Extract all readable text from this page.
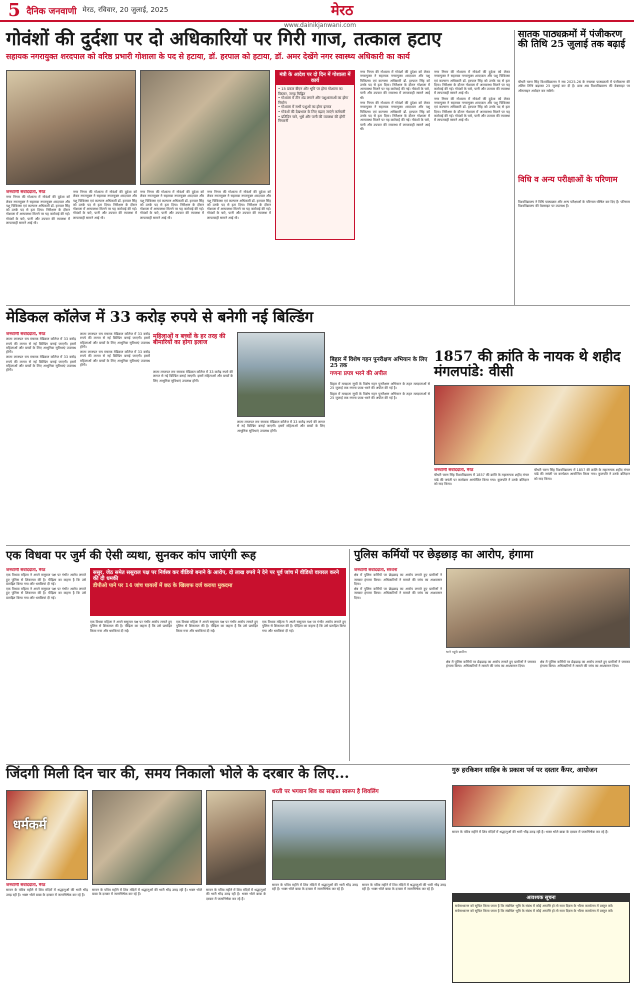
5 दैनिक जनवाणी मेरठ, रविवार, 20 जुलाई, 2025	मेरठ
www.dainikjanwani.com
गोवंशों की दुर्दशा पर दो अधिकारियों पर गिरी गाज, तत्काल हटाए
सहायक नगरायुक्त शरदपाल को वरिष्ठ प्रभारी गोशाला के पद से हटाया, डॉ. हरपाल को हटाया, डॉ. अमर देखेंगे नगर स्वास्थ्य अधिकारी का कार्य
मंत्री के आदेश पर दो दिन में गोशाला में कार्य
• 15 प्रकार बीएन और भूमि पर होगा गोशाला का विस्तार, जगह चिह्नित
• गोशाला में टीन शेड लगाने और पशुशालाओं का होगा निर्माण
• गोशाला में सभी पशुओं का होगा इलाज
• गोवंशों की देखभाल के लिए बढ़ाए जाएंगे कर्मचारी
• प्रतिदिन चारे, भूसे और पानी की व्यवस्था की होगी निगरानी
जनवाणी संवाददाता, मेरठ

नगर निगम की गोशाला में गोवंशों की दुर्दशा को लेकर नगरायुक्त ने सहायक नगरायुक्त शरदपाल और पशु चिकित्सा एवं कल्याण अधिकारी डॉ. हरपाल सिंह को उनके पद से हटा दिया। निरीक्षण के दौरान गोशाला में अव्यवस्था मिलने पर यह कार्रवाई की गई। गोवंशों के चारे, पानी और उपचार की व्यवस्था में लापरवाही सामने आई थी।

नगर निगम की गोशाला में गोवंशों की दुर्दशा को लेकर नगरायुक्त ने सहायक नगरायुक्त शरदपाल और पशु चिकित्सा एवं कल्याण अधिकारी डॉ. हरपाल सिंह को उनके पद से हटा दिया। निरीक्षण के दौरान गोशाला में अव्यवस्था मिलने पर यह कार्रवाई की गई। गोवंशों के चारे, पानी और उपचार की व्यवस्था में लापरवाही सामने आई थी।

नगर निगम की गोशाला में गोवंशों की दुर्दशा को लेकर नगरायुक्त ने सहायक नगरायुक्त शरदपाल और पशु चिकित्सा एवं कल्याण अधिकारी डॉ. हरपाल सिंह को उनके पद से हटा दिया। निरीक्षण के दौरान गोशाला में अव्यवस्था मिलने पर यह कार्रवाई की गई। गोवंशों के चारे, पानी और उपचार की व्यवस्था में लापरवाही सामने आई थी।

नगर निगम की गोशाला में गोवंशों की दुर्दशा को लेकर नगरायुक्त ने सहायक नगरायुक्त शरदपाल और पशु चिकित्सा एवं कल्याण अधिकारी डॉ. हरपाल सिंह को उनके पद से हटा दिया। निरीक्षण के दौरान गोशाला में अव्यवस्था मिलने पर यह कार्रवाई की गई। गोवंशों के चारे, पानी और उपचार की व्यवस्था में लापरवाही सामने आई थी।

नगर निगम की गोशाला में गोवंशों की दुर्दशा को लेकर नगरायुक्त ने सहायक नगरायुक्त शरदपाल और पशु चिकित्सा एवं कल्याण अधिकारी डॉ. हरपाल सिंह को उनके पद से हटा दिया। निरीक्षण के दौरान गोशाला में अव्यवस्था मिलने पर यह कार्रवाई की गई। गोवंशों के चारे, पानी और उपचार की व्यवस्था में लापरवाही सामने आई थी।

नगर निगम की गोशाला में गोवंशों की दुर्दशा को लेकर नगरायुक्त ने सहायक नगरायुक्त शरदपाल और पशु चिकित्सा एवं कल्याण अधिकारी डॉ. हरपाल सिंह को उनके पद से हटा दिया। निरीक्षण के दौरान गोशाला में अव्यवस्था मिलने पर यह कार्रवाई की गई। गोवंशों के चारे, पानी और उपचार की व्यवस्था में लापरवाही सामने आई थी।

नगर निगम की गोशाला में गोवंशों की दुर्दशा को लेकर नगरायुक्त ने सहायक नगरायुक्त शरदपाल और पशु चिकित्सा एवं कल्याण अधिकारी डॉ. हरपाल सिंह को उनके पद से हटा दिया। निरीक्षण के दौरान गोशाला में अव्यवस्था मिलने पर यह कार्रवाई की गई। गोवंशों के चारे, पानी और उपचार की व्यवस्था में लापरवाही सामने आई थी।

नगर निगम की गोशाला में गोवंशों की दुर्दशा को लेकर नगरायुक्त ने सहायक नगरायुक्त शरदपाल और पशु चिकित्सा एवं कल्याण अधिकारी डॉ. हरपाल सिंह को उनके पद से हटा दिया। निरीक्षण के दौरान गोशाला में अव्यवस्था मिलने पर यह कार्रवाई की गई। गोवंशों के चारे, पानी और उपचार की व्यवस्था में लापरवाही सामने आई थी।

सातक पाठ्यक्रमों में पंजीकरण की तिथि 25 जुलाई तक बढ़ाई

चौधरी चरण सिंह विश्वविद्यालय ने सत्र 2025-26 के स्नातक पाठ्यक्रमों में पंजीकरण की अंतिम तिथि बढ़ाकर 25 जुलाई कर दी है। छात्र अब विश्वविद्यालय की वेबसाइट पर ऑनलाइन आवेदन कर सकेंगे।

विधि व अन्य परीक्षाओं के परिणाम

विश्वविद्यालय ने विधि पाठ्यक्रम और अन्य परीक्षाओं के परिणाम घोषित कर दिए हैं। परिणाम विश्वविद्यालय की वेबसाइट पर उपलब्ध हैं।

मेडिकल कॉलेज में 33 करोड़ रुपये से बनेगी नई बिल्डिंग
जनवाणी संवाददाता, मेरठ

लाला लाजपत राय स्मारक मेडिकल कॉलेज में 33 करोड़ रुपये की लागत से नई बिल्डिंग बनाई जाएगी। इसमें महिलाओं और बच्चों के लिए आधुनिक सुविधाएं उपलब्ध होंगी।

लाला लाजपत राय स्मारक मेडिकल कॉलेज में 33 करोड़ रुपये की लागत से नई बिल्डिंग बनाई जाएगी। इसमें महिलाओं और बच्चों के लिए आधुनिक सुविधाएं उपलब्ध होंगी।

लाला लाजपत राय स्मारक मेडिकल कॉलेज में 33 करोड़ रुपये की लागत से नई बिल्डिंग बनाई जाएगी। इसमें महिलाओं और बच्चों के लिए आधुनिक सुविधाएं उपलब्ध होंगी।

लाला लाजपत राय स्मारक मेडिकल कॉलेज में 33 करोड़ रुपये की लागत से नई बिल्डिंग बनाई जाएगी। इसमें महिलाओं और बच्चों के लिए आधुनिक सुविधाएं उपलब्ध होंगी।

महिलाओं व बच्चों के हर तरह की बीमारियों का होगा इलाज

लाला लाजपत राय स्मारक मेडिकल कॉलेज में 33 करोड़ रुपये की लागत से नई बिल्डिंग बनाई जाएगी। इसमें महिलाओं और बच्चों के लिए आधुनिक सुविधाएं उपलब्ध होंगी।

लाला लाजपत राय स्मारक मेडिकल कॉलेज में 33 करोड़ रुपये की लागत से नई बिल्डिंग बनाई जाएगी। इसमें महिलाओं और बच्चों के लिए आधुनिक सुविधाएं उपलब्ध होंगी।

बिहार में विशेष गहन पुनरीक्षण अभियान के लिए 25 तक
गणना प्रपत्र भरने की अपील

बिहार में मतदाता सूची के विशेष गहन पुनरीक्षण अभियान के तहत मतदाताओं से 25 जुलाई तक गणना प्रपत्र भरने की अपील की गई है।

बिहार में मतदाता सूची के विशेष गहन पुनरीक्षण अभियान के तहत मतदाताओं से 25 जुलाई तक गणना प्रपत्र भरने की अपील की गई है।

1857 की क्रांति के नायक थे शहीद मंगलपांडे: वीसी
जनवाणी संवाददाता, मेरठ

चौधरी चरण सिंह विश्वविद्यालय में 1857 की क्रांति के महानायक शहीद मंगल पांडे की जयंती पर कार्यक्रम आयोजित किया गया। कुलपति ने उनके बलिदान को याद किया।

चौधरी चरण सिंह विश्वविद्यालय में 1857 की क्रांति के महानायक शहीद मंगल पांडे की जयंती पर कार्यक्रम आयोजित किया गया। कुलपति ने उनके बलिदान को याद किया।

एक विधवा पर जुर्म की ऐसी व्यथा, सुनकर कांप जाएंगी रूह
ससुर, जेठ समेत ससुराल पक्ष पर निर्वस्त्र कर वीडियो बनाने के आरोप, दो लाख रुपये ने देने पर पूर्व जांच में वीडियो वायरल करने की दी धमकी
डीपीओ पाने पर 14 जांच घायलों में छठ के खिलाफ दर्ज कराया मुकदमा
जनवाणी संवाददाता, मेरठ

एक विधवा महिला ने अपने ससुराल पक्ष पर गंभीर आरोप लगाते हुए पुलिस से शिकायत की है। पीड़िता का कहना है कि उसे प्रताड़ित किया गया और धमकियां दी गईं।

एक विधवा महिला ने अपने ससुराल पक्ष पर गंभीर आरोप लगाते हुए पुलिस से शिकायत की है। पीड़िता का कहना है कि उसे प्रताड़ित किया गया और धमकियां दी गईं।

एक विधवा महिला ने अपने ससुराल पक्ष पर गंभीर आरोप लगाते हुए पुलिस से शिकायत की है। पीड़िता का कहना है कि उसे प्रताड़ित किया गया और धमकियां दी गईं।

एक विधवा महिला ने अपने ससुराल पक्ष पर गंभीर आरोप लगाते हुए पुलिस से शिकायत की है। पीड़िता का कहना है कि उसे प्रताड़ित किया गया और धमकियां दी गईं।

एक विधवा महिला ने अपने ससुराल पक्ष पर गंभीर आरोप लगाते हुए पुलिस से शिकायत की है। पीड़िता का कहना है कि उसे प्रताड़ित किया गया और धमकियां दी गईं।

पुलिस कर्मियों पर छेड़छाड़ का आरोप, हंगामा
जनवाणी संवाददाता, सरधना

क्षेत्र में पुलिस कर्मियों पर छेड़छाड़ का आरोप लगाते हुए ग्रामीणों ने जमकर हंगामा किया। अधिकारियों ने मामले की जांच का आश्वासन दिया।

क्षेत्र में पुलिस कर्मियों पर छेड़छाड़ का आरोप लगाते हुए ग्रामीणों ने जमकर हंगामा किया। अधिकारियों ने मामले की जांच का आश्वासन दिया।

थाने पहुंचे ग्रामीण

क्षेत्र में पुलिस कर्मियों पर छेड़छाड़ का आरोप लगाते हुए ग्रामीणों ने जमकर हंगामा किया। अधिकारियों ने मामले की जांच का आश्वासन दिया।

क्षेत्र में पुलिस कर्मियों पर छेड़छाड़ का आरोप लगाते हुए ग्रामीणों ने जमकर हंगामा किया। अधिकारियों ने मामले की जांच का आश्वासन दिया।

जिंदगी मिली दिन चार की, समय निकालो भोले के दरबार के लिए...
धर्मकर्म
जनवाणी संवाददाता, मेरठ

सावन के पवित्र महीने में शिव मंदिरों में श्रद्धालुओं की भारी भीड़ उमड़ रही है। भक्त भोले बाबा के दरबार में जलाभिषेक कर रहे हैं।

सावन के पवित्र महीने में शिव मंदिरों में श्रद्धालुओं की भारी भीड़ उमड़ रही है। भक्त भोले बाबा के दरबार में जलाभिषेक कर रहे हैं।

सावन के पवित्र महीने में शिव मंदिरों में श्रद्धालुओं की भारी भीड़ उमड़ रही है। भक्त भोले बाबा के दरबार में जलाभिषेक कर रहे हैं।

धरती पर भगवान शिव का साक्षात स्वरूप है शिवलिंग

सावन के पवित्र महीने में शिव मंदिरों में श्रद्धालुओं की भारी भीड़ उमड़ रही है। भक्त भोले बाबा के दरबार में जलाभिषेक कर रहे हैं।

सावन के पवित्र महीने में शिव मंदिरों में श्रद्धालुओं की भारी भीड़ उमड़ रही है। भक्त भोले बाबा के दरबार में जलाभिषेक कर रहे हैं।

गुरु हरकिशन साहिब के प्रकाश पर्व पर दस्तार कैंपर, आयोजन

सावन के पवित्र महीने में शिव मंदिरों में श्रद्धालुओं की भारी भीड़ उमड़ रही है। भक्त भोले बाबा के दरबार में जलाभिषेक कर रहे हैं।

आवश्यक सूचना

सर्वसाधारण को सूचित किया जाता है कि संबंधित भूमि के संबंध में कोई आपत्ति हो तो सात दिवस के भीतर कार्यालय में प्रस्तुत करें।

सर्वसाधारण को सूचित किया जाता है कि संबंधित भूमि के संबंध में कोई आपत्ति हो तो सात दिवस के भीतर कार्यालय में प्रस्तुत करें।
